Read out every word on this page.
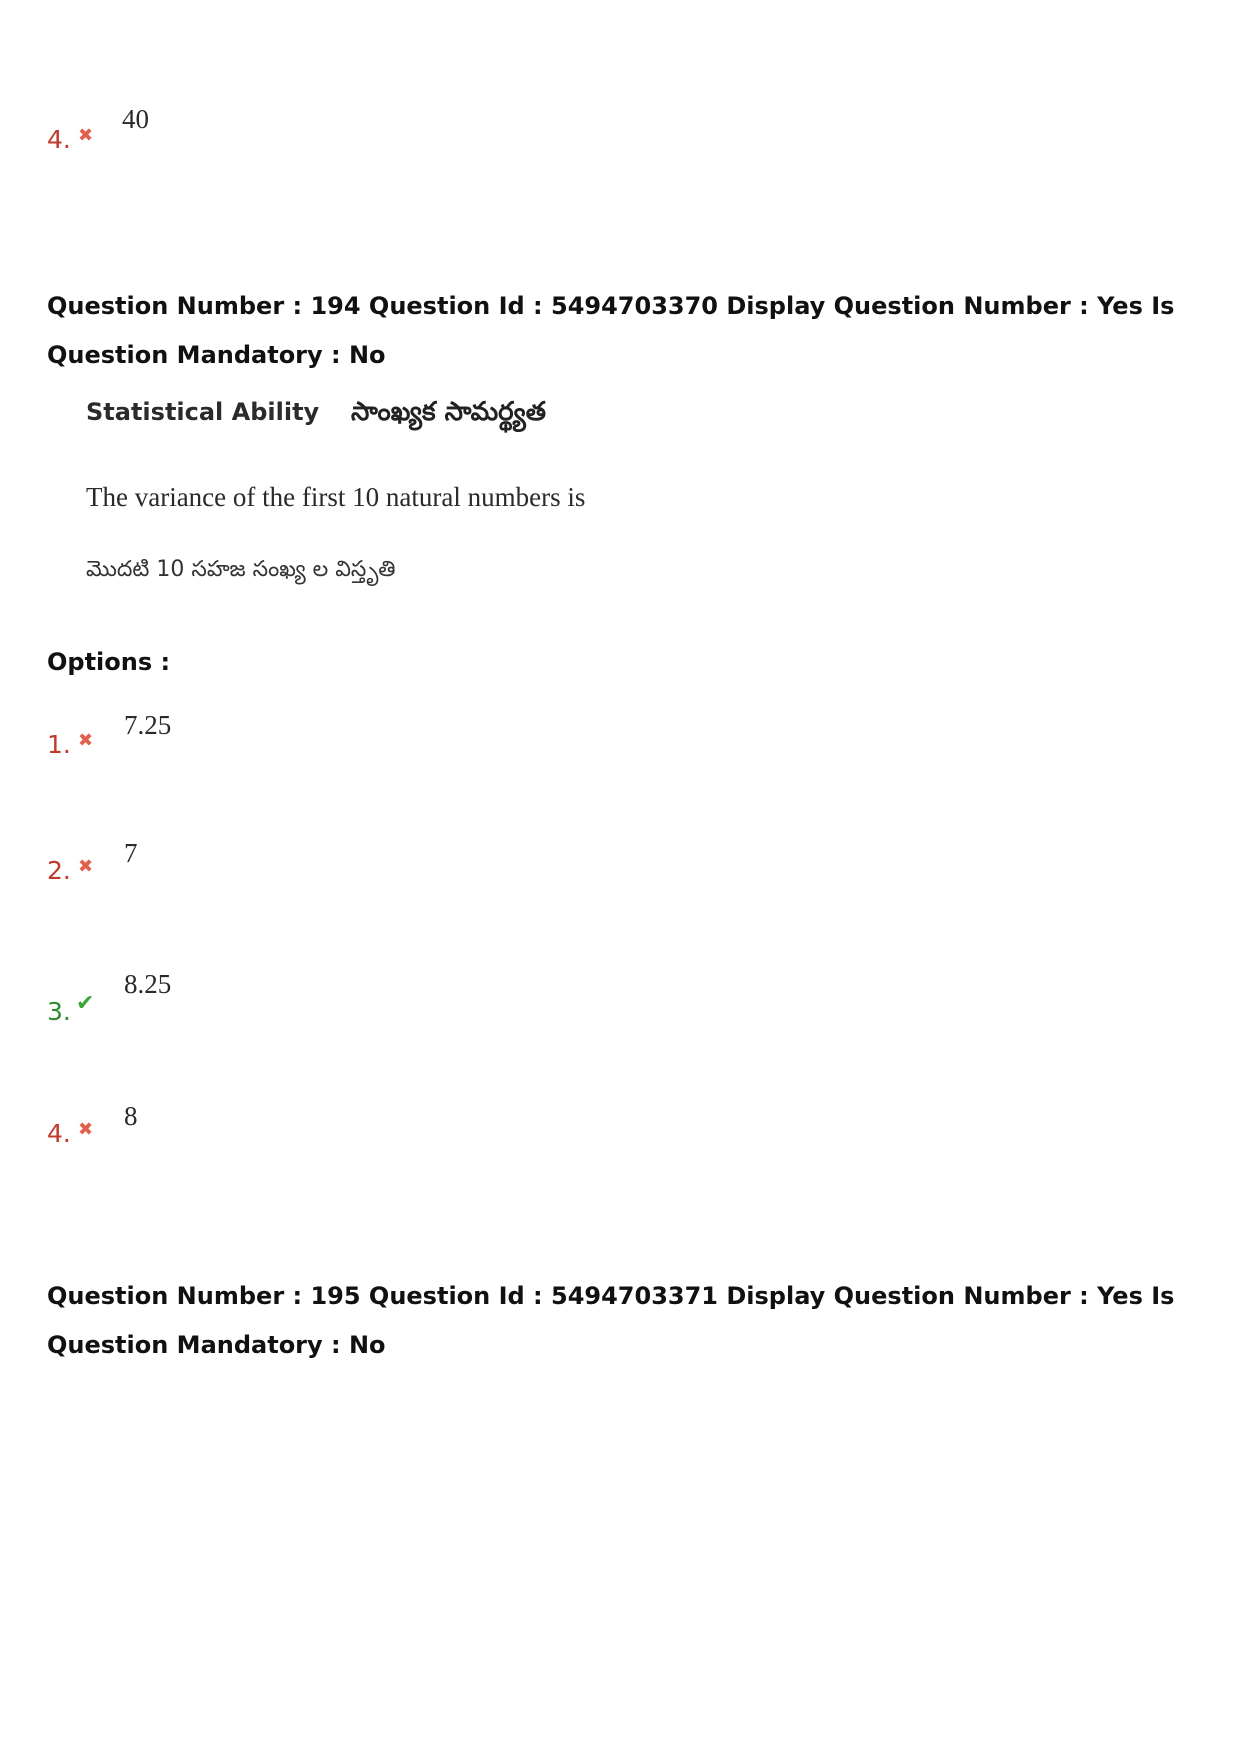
4. ✖
40
Question Number : 194 Question Id : 5494703370 Display Question Number : Yes Is Question Mandatory : No
Statistical Ability సాంఖ్యక సామర్థ్యత
The variance of the first 10 natural numbers is
మొదటి 10 సహజ సంఖ్య ల విస్తృతి
Options :
1. ✖
7.25
2. ✖ 7
3. ✔
8.25
4. ✖ 8
Question Number : 195 Question Id : 5494703371 Display Question Number : Yes Is Question Mandatory : No
